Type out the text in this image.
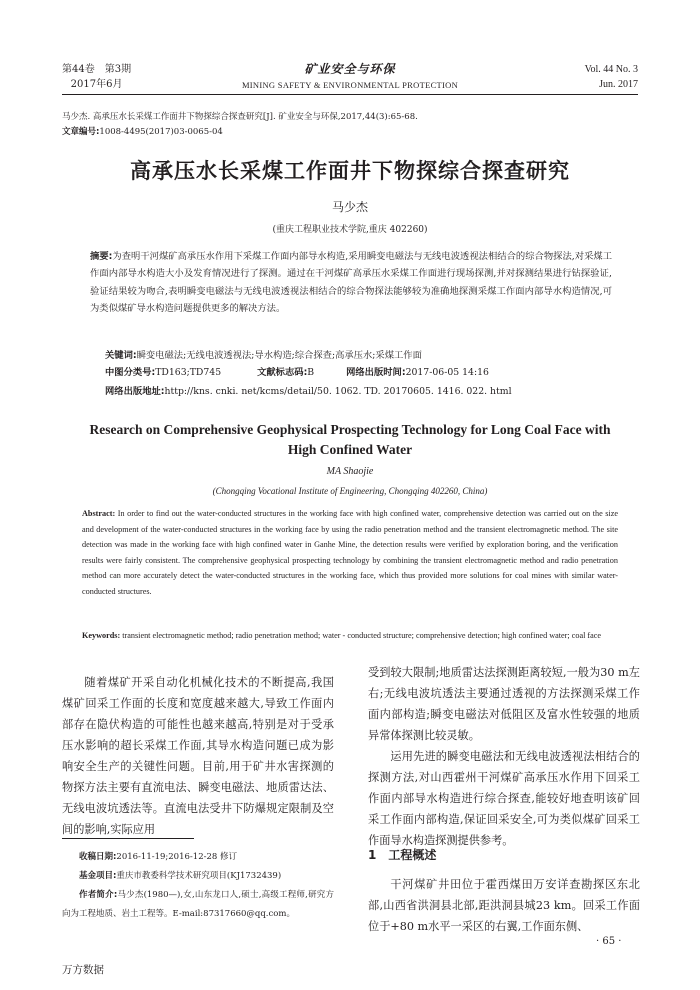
第44卷　第3期
2017年6月
矿业安全与环保
MINING SAFETY & ENVIRONMENTAL PROTECTION
Vol. 44 No. 3
Jun. 2017
马少杰. 高承压水长采煤工作面井下物探综合探查研究[J]. 矿业安全与环保,2017,44(3):65-68.
文章编号:1008-4495(2017)03-0065-04
高承压水长采煤工作面井下物探综合探查研究
马少杰
(重庆工程职业技术学院,重庆 402260)
摘要:为查明干河煤矿高承压水作用下采煤工作面内部导水构造,采用瞬变电磁法与无线电波透视法相结合的综合物探法,对采煤工作面内部导水构造大小及发育情况进行了探测。通过在干河煤矿高承压水采煤工作面进行现场探测,并对探测结果进行钻探验证,验证结果较为吻合,表明瞬变电磁法与无线电波透视法相结合的综合物探法能够较为准确地探测采煤工作面内部导水构造情况,可为类似煤矿导水构造问题提供更多的解决方法。
关键词:瞬变电磁法;无线电波透视法;导水构造;综合探查;高承压水;采煤工作面
中图分类号:TD163;TD745	文献标志码:B	网络出版时间:2017-06-05 14:16
网络出版地址:http://kns. cnki. net/kcms/detail/50. 1062. TD. 20170605. 1416. 022. html
Research on Comprehensive Geophysical Prospecting Technology for Long Coal Face with High Confined Water
MA Shaojie
(Chongqing Vocational Institute of Engineering, Chongqing 402260, China)
Abstract: In order to find out the water-conducted structures in the working face with high confined water, comprehensive detection was carried out on the size and development of the water-conducted structures in the working face by using the radio penetration method and the transient electromagnetic method. The site detection was made in the working face with high confined water in Ganhe Mine, the detection results were verified by exploration boring, and the verification results were fairly consistent. The comprehensive geophysical prospecting technology by combining the transient electromagnetic method and radio penetration method can more accurately detect the water-conducted structures in the working face, which thus provided more solutions for coal mines with similar water-conducted structures.
Keywords: transient electromagnetic method; radio penetration method; water - conducted structure; comprehensive detection; high confined water; coal face

随着煤矿开采自动化机械化技术的不断提高,我国煤矿回采工作面的长度和宽度越来越大,导致工作面内部存在隐伏构造的可能性也越来越高,特别是对于受承压水影响的超长采煤工作面,其导水构造问题已成为影响安全生产的关键性问题。目前,用于矿井水害探测的物探方法主要有直流电法、瞬变电磁法、地质雷达法、无线电波坑透法等。直流电法受井下防爆规定限制及空间的影响,实际应用

收稿日期:2016-11-19;2016-12-28 修订
基金项目:重庆市教委科学技术研究项目(KJ1732439)
作者简介:马少杰(1980—),女,山东龙口人,硕士,高级工程师,研究方向为工程地质、岩土工程等。E-mail:87317660@qq.com。

受到较大限制;地质雷达法探测距离较短,一般为30 m左右;无线电波坑透法主要通过透视的方法探测采煤工作面内部构造;瞬变电磁法对低阻区及富水性较强的地质异常体探测比较灵敏。

运用先进的瞬变电磁法和无线电波透视法相结合的探测方法,对山西霍州干河煤矿高承压水作用下回采工作面内部导水构造进行综合探查,能较好地查明该矿回采工作面内部构造,保证回采安全,可为类似煤矿回采工作面导水构造探测提供参考。

1　工程概述

干河煤矿井田位于霍西煤田万安详查勘探区东北部,山西省洪洞县北部,距洪洞县城23 km。回采工作面位于+80 m水平一采区的右翼,工作面东侧、

· 65 ·
万方数据
